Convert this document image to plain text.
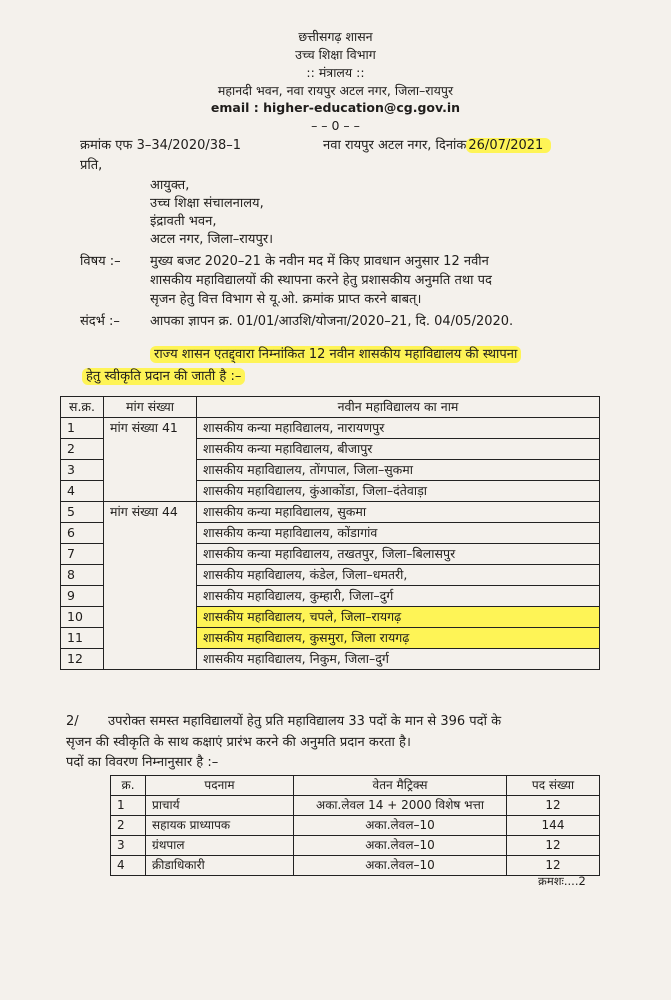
छत्तीसगढ़ शासन
उच्च शिक्षा विभाग
:: मंत्रालय ::
महानदी भवन, नवा रायपुर अटल नगर, जिला–रायपुर
email : higher-education@cg.gov.in
– – 0 – –
क्रमांक एफ 3–34/2020/38–1	नवा रायपुर अटल नगर, दिनांक 26/07/2021
प्रति,
आयुक्त,
उच्च शिक्षा संचालनालय,
इंद्रावती भवन,
अटल नगर, जिला–रायपुर।
विषय :– मुख्य बजट 2020–21 के नवीन मद में किए प्रावधान अनुसार 12 नवीन
शासकीय महाविद्यालयों की स्थापना करने हेतु प्रशासकीय अनुमति तथा पद
सृजन हेतु वित्त विभाग से यू.ओ. क्रमांक प्राप्त करने बाबत्।
संदर्भ :– आपका ज्ञापन क्र. 01/01/आउशि/योजना/2020–21, दि. 04/05/2020.
राज्य शासन एतद्द्वारा निम्नांकित 12 नवीन शासकीय महाविद्यालय की स्थापना
हेतु स्वीकृति प्रदान की जाती है :–
स.क्र.	मांग संख्या	नवीन महाविद्यालय का नाम
1	मांग संख्या 41	शासकीय कन्या महाविद्यालय, नारायणपुर
2		शासकीय कन्या महाविद्यालय, बीजापुर
3		शासकीय महाविद्यालय, तोंगपाल, जिला–सुकमा
4		शासकीय महाविद्यालय, कुंआकोंडा, जिला–दंतेवाड़ा
5	मांग संख्या 44	शासकीय कन्या महाविद्यालय, सुकमा
6		शासकीय कन्या महाविद्यालय, कोंडागांव
7		शासकीय कन्या महाविद्यालय, तखतपुर, जिला–बिलासपुर
8		शासकीय महाविद्यालय, कंडेल, जिला–धमतरी,
9		शासकीय महाविद्यालय, कुम्हारी, जिला–दुर्ग
10		शासकीय महाविद्यालय, चपले, जिला–रायगढ़
11		शासकीय महाविद्यालय, कुसमुरा, जिला रायगढ़
12		शासकीय महाविद्यालय, निकुम, जिला–दुर्ग
2/ उपरोक्त समस्त महाविद्यालयों हेतु प्रति महाविद्यालय 33 पदों के मान से 396 पदों के
सृजन की स्वीकृति के साथ कक्षाएं प्रारंभ करने की अनुमति प्रदान करता है।
पदों का विवरण निम्नानुसार है :–
क्र.	पदनाम	वेतन मैट्रिक्स	पद संख्या
1	प्राचार्य	अका.लेवल 14 + 2000 विशेष भत्ता	12
2	सहायक प्राध्यापक	अका.लेवल–10	144
3	ग्रंथपाल	अका.लेवल–10	12
4	क्रीडाधिकारी	अका.लेवल–10	12
क्रमशः....2
